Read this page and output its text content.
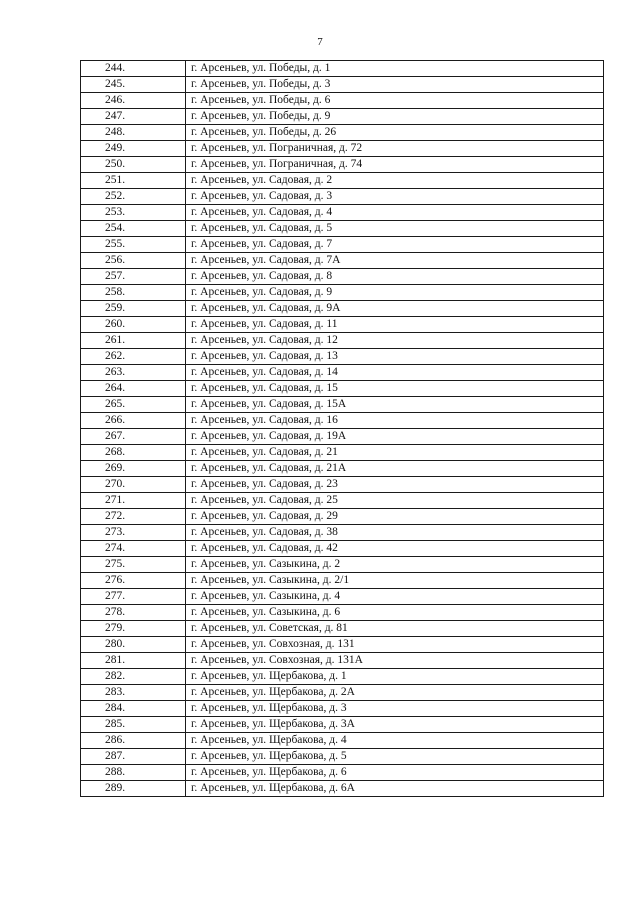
7
244.	г. Арсеньев, ул. Победы, д. 1
245.	г. Арсеньев, ул. Победы, д. 3
246.	г. Арсеньев, ул. Победы, д. 6
247.	г. Арсеньев, ул. Победы, д. 9
248.	г. Арсеньев, ул. Победы, д. 26
249.	г. Арсеньев, ул. Пограничная, д. 72
250.	г. Арсеньев, ул. Пограничная, д. 74
251.	г. Арсеньев, ул. Садовая, д. 2
252.	г. Арсеньев, ул. Садовая, д. 3
253.	г. Арсеньев, ул. Садовая, д. 4
254.	г. Арсеньев, ул. Садовая, д. 5
255.	г. Арсеньев, ул. Садовая, д. 7
256.	г. Арсеньев, ул. Садовая, д. 7А
257.	г. Арсеньев, ул. Садовая, д. 8
258.	г. Арсеньев, ул. Садовая, д. 9
259.	г. Арсеньев, ул. Садовая, д. 9А
260.	г. Арсеньев, ул. Садовая, д. 11
261.	г. Арсеньев, ул. Садовая, д. 12
262.	г. Арсеньев, ул. Садовая, д. 13
263.	г. Арсеньев, ул. Садовая, д. 14
264.	г. Арсеньев, ул. Садовая, д. 15
265.	г. Арсеньев, ул. Садовая, д. 15А
266.	г. Арсеньев, ул. Садовая, д. 16
267.	г. Арсеньев, ул. Садовая, д. 19А
268.	г. Арсеньев, ул. Садовая, д. 21
269.	г. Арсеньев, ул. Садовая, д. 21А
270.	г. Арсеньев, ул. Садовая, д. 23
271.	г. Арсеньев, ул. Садовая, д. 25
272.	г. Арсеньев, ул. Садовая, д. 29
273.	г. Арсеньев, ул. Садовая, д. 38
274.	г. Арсеньев, ул. Садовая, д. 42
275.	г. Арсеньев, ул. Сазыкина, д. 2
276.	г. Арсеньев, ул. Сазыкина, д. 2/1
277.	г. Арсеньев, ул. Сазыкина, д. 4
278.	г. Арсеньев, ул. Сазыкина, д. 6
279.	г. Арсеньев, ул. Советская, д. 81
280.	г. Арсеньев, ул. Совхозная, д. 131
281.	г. Арсеньев, ул. Совхозная, д. 131А
282.	г. Арсеньев, ул. Щербакова, д. 1
283.	г. Арсеньев, ул. Щербакова, д. 2А
284.	г. Арсеньев, ул. Щербакова, д. 3
285.	г. Арсеньев, ул. Щербакова, д. 3А
286.	г. Арсеньев, ул. Щербакова, д. 4
287.	г. Арсеньев, ул. Щербакова, д. 5
288.	г. Арсеньев, ул. Щербакова, д. 6
289.	г. Арсеньев, ул. Щербакова, д. 6А
